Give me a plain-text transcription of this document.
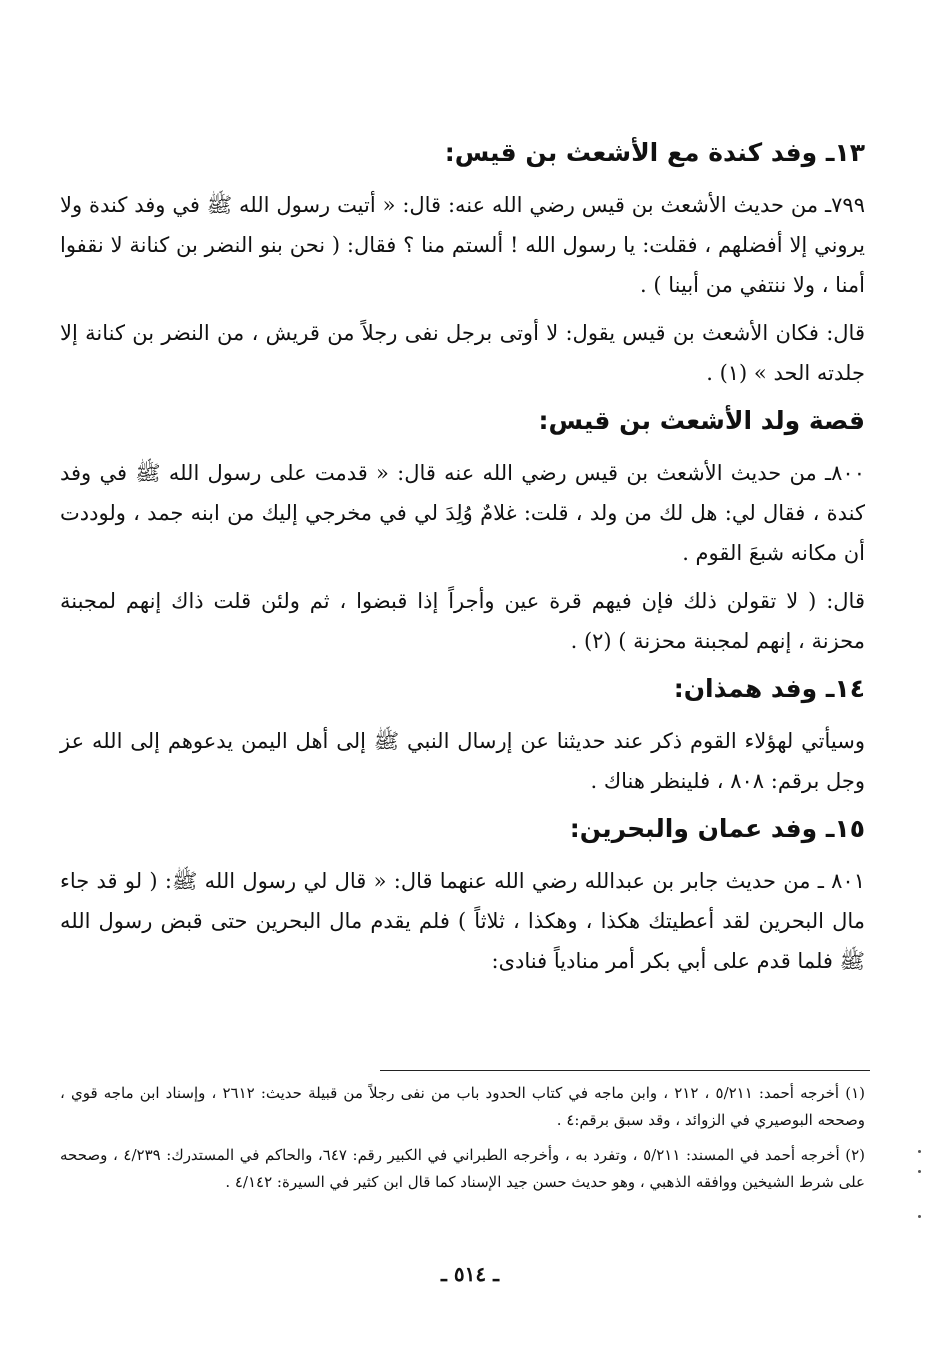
١٣ـ وفد كندة مع الأشعث بن قيس:

٧٩٩ـ من حديث الأشعث بن قيس رضي الله عنه: قال: « أتيت رسول الله ﷺ في وفد كندة ولا يروني إلا أفضلهم ، فقلت: يا رسول الله ! ألستم منا ؟ فقال: ( نحن بنو النضر بن كنانة لا نقفوا أمنا ، ولا ننتفي من أبينا ) .

قال: فكان الأشعث بن قيس يقول: لا أوتى برجل نفى رجلاً من قريش ، من النضر بن كنانة إلا جلدته الحد » (١) .

قصة ولد الأشعث بن قيس:

٨٠٠ـ من حديث الأشعث بن قيس رضي الله عنه قال: « قدمت على رسول الله ﷺ في وفد كندة ، فقال لي: هل لك من ولد ، قلت: غلامٌ وُلِدَ لي في مخرجي إليك من ابنه جمد ، ولوددت أن مكانه شبعَ القوم .

قال: ( لا تقولن ذلك فإن فيهم قرة عين وأجراً إذا قبضوا ، ثم ولئن قلت ذاك إنهم لمجبنة محزنة ، إنهم لمجبنة محزنة ) (٢) .

١٤ـ وفد همذان:

وسيأتي لهؤلاء القوم ذكر عند حديثنا عن إرسال النبي ﷺ إلى أهل اليمن يدعوهم إلى الله عز وجل برقم: ٨٠٨ ، فلينظر هناك .

١٥ـ وفد عمان والبحرين:

٨٠١ ـ من حديث جابر بن عبدالله رضي الله عنهما قال: « قال لي رسول الله ﷺ: ( لو قد جاء مال البحرين لقد أعطيتك هكذا ، وهكذا ، ثلاثاً ) فلم يقدم مال البحرين حتى قبض رسول الله ﷺ فلما قدم على أبي بكر أمر منادياً فنادى:

(١) أخرجه أحمد: ٥/٢١١ ، ٢١٢ ، وابن ماجه في كتاب الحدود باب من نفى رجلاً من قبيلة حديث: ٢٦١٢ ، وإسناد ابن ماجه قوي ، وصححه البوصيري في الزوائد ، وقد سبق برقم:٤ .

(٢) أخرجه أحمد في المسند: ٥/٢١١ ، وتفرد به ، وأخرجه الطبراني في الكبير رقم: ٦٤٧، والحاكم في المستدرك: ٤/٢٣٩ ، وصححه على شرط الشيخين ووافقه الذهبي ، وهو حديث حسن جيد الإسناد كما قال ابن كثير في السيرة: ٤/١٤٢ .

ـ ٥١٤ ـ
